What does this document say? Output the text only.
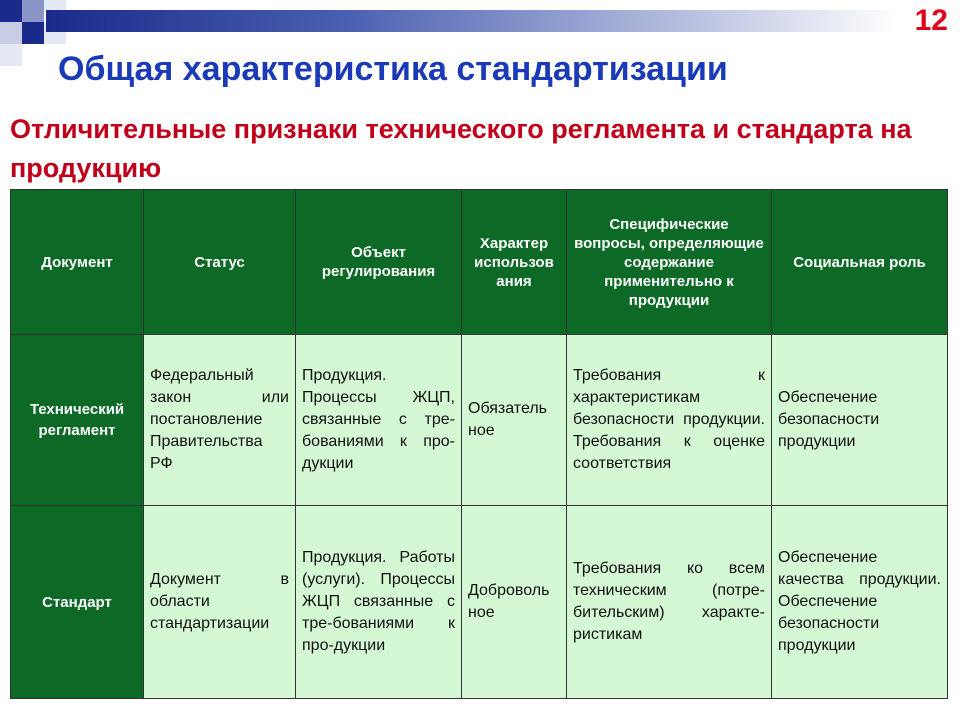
12
Общая характеристика стандартизации
Отличительные признаки технического регламента и стандарта на продукцию
Документ	Статус	Объект регулирования	Характер использов ания	Специфические вопросы, определяющие содержание применительно к продукции	Социальная роль
Технический регламент	Федеральный закон или постановление Правительства РФ	Продукция. Процессы ЖЦП, связанные с тре-бованиями к про-дукции	Обязатель ное	Требования к характеристикам безопасности продукции. Требования к оценке соответствия	Обеспечение безопасности продукции
Стандарт	Документ в области стандартизации	Продукция. Работы (услуги). Процессы ЖЦП связанные с тре-бованиями к про-дукции	Доброволь ное	Требования ко всем техническим (потре-бительским) характе-ристикам	Обеспечение качества продукции. Обеспечение безопасности продукции
